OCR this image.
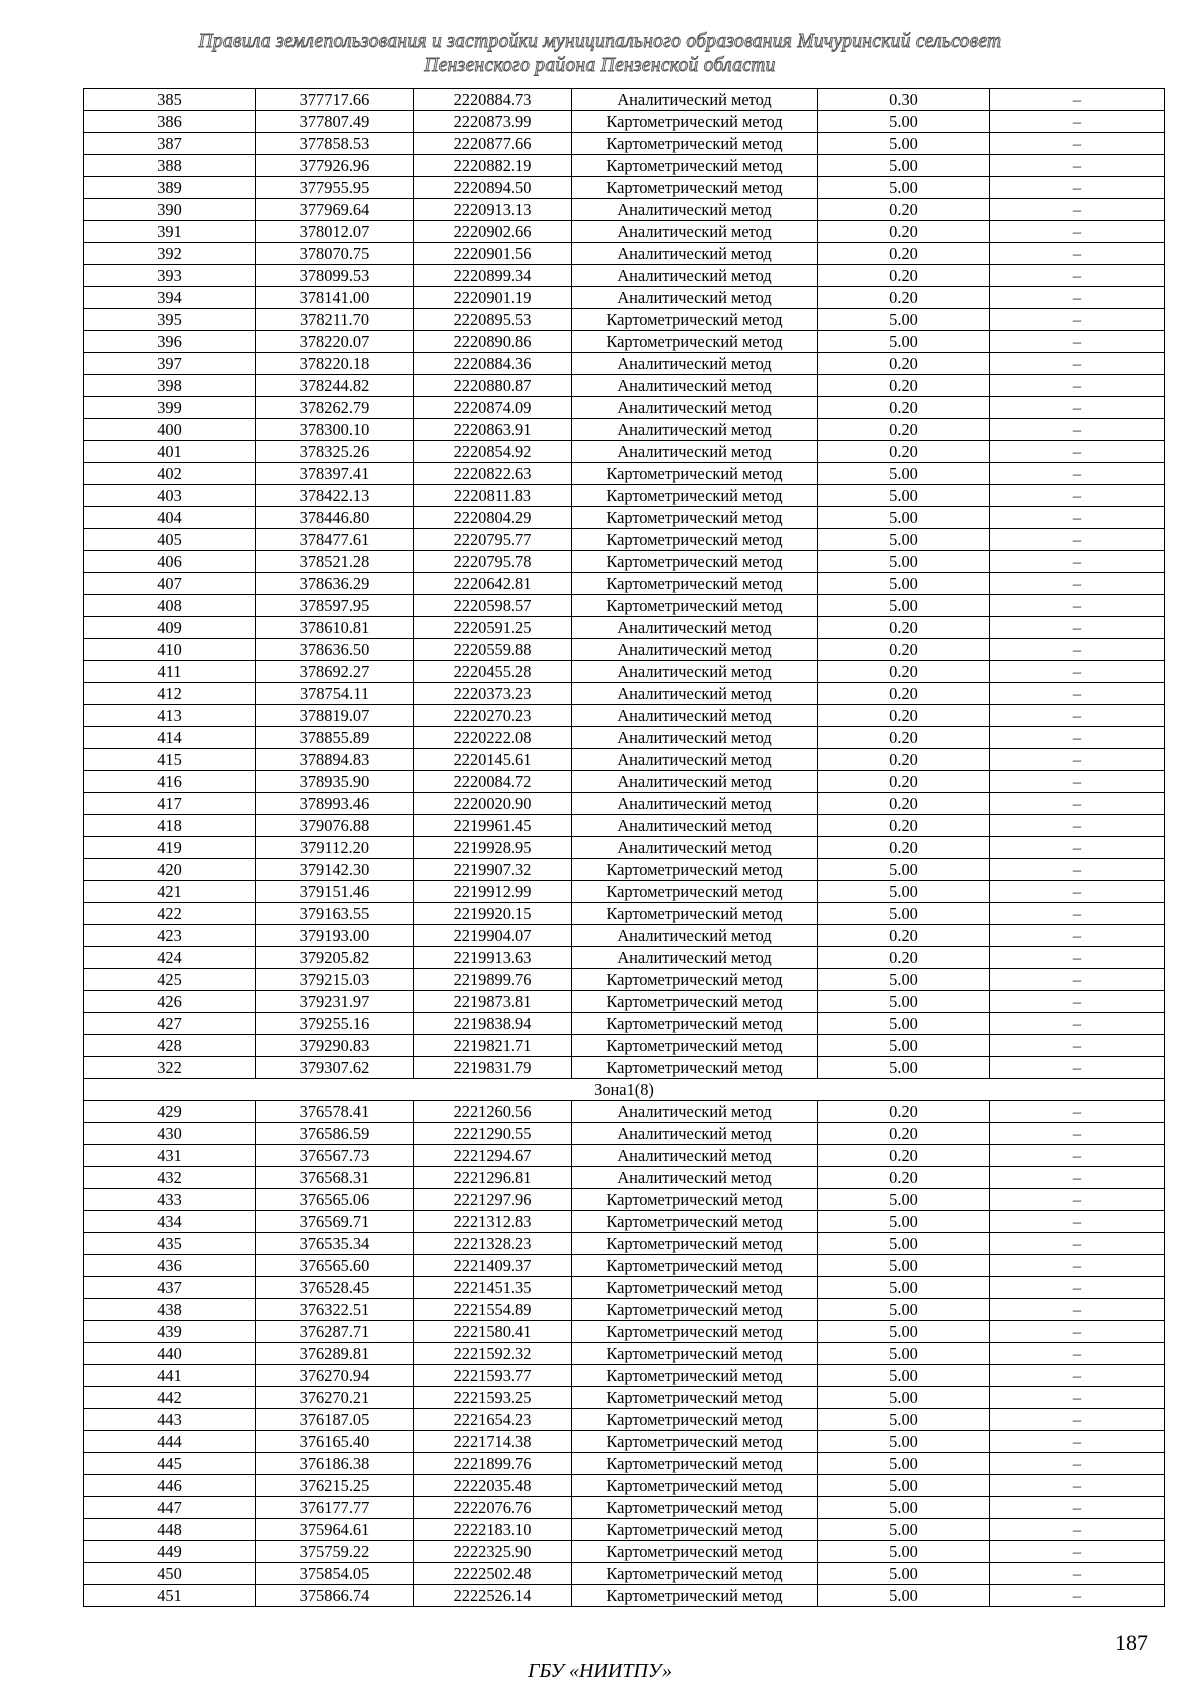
Правила землепользования и застройки муниципального образования Мичуринский сельсовет
Пензенского района Пензенской области
385	377717.66	2220884.73	Аналитический метод	0.30	–
386	377807.49	2220873.99	Картометрический метод	5.00	–
387	377858.53	2220877.66	Картометрический метод	5.00	–
388	377926.96	2220882.19	Картометрический метод	5.00	–
389	377955.95	2220894.50	Картометрический метод	5.00	–
390	377969.64	2220913.13	Аналитический метод	0.20	–
391	378012.07	2220902.66	Аналитический метод	0.20	–
392	378070.75	2220901.56	Аналитический метод	0.20	–
393	378099.53	2220899.34	Аналитический метод	0.20	–
394	378141.00	2220901.19	Аналитический метод	0.20	–
395	378211.70	2220895.53	Картометрический метод	5.00	–
396	378220.07	2220890.86	Картометрический метод	5.00	–
397	378220.18	2220884.36	Аналитический метод	0.20	–
398	378244.82	2220880.87	Аналитический метод	0.20	–
399	378262.79	2220874.09	Аналитический метод	0.20	–
400	378300.10	2220863.91	Аналитический метод	0.20	–
401	378325.26	2220854.92	Аналитический метод	0.20	–
402	378397.41	2220822.63	Картометрический метод	5.00	–
403	378422.13	2220811.83	Картометрический метод	5.00	–
404	378446.80	2220804.29	Картометрический метод	5.00	–
405	378477.61	2220795.77	Картометрический метод	5.00	–
406	378521.28	2220795.78	Картометрический метод	5.00	–
407	378636.29	2220642.81	Картометрический метод	5.00	–
408	378597.95	2220598.57	Картометрический метод	5.00	–
409	378610.81	2220591.25	Аналитический метод	0.20	–
410	378636.50	2220559.88	Аналитический метод	0.20	–
411	378692.27	2220455.28	Аналитический метод	0.20	–
412	378754.11	2220373.23	Аналитический метод	0.20	–
413	378819.07	2220270.23	Аналитический метод	0.20	–
414	378855.89	2220222.08	Аналитический метод	0.20	–
415	378894.83	2220145.61	Аналитический метод	0.20	–
416	378935.90	2220084.72	Аналитический метод	0.20	–
417	378993.46	2220020.90	Аналитический метод	0.20	–
418	379076.88	2219961.45	Аналитический метод	0.20	–
419	379112.20	2219928.95	Аналитический метод	0.20	–
420	379142.30	2219907.32	Картометрический метод	5.00	–
421	379151.46	2219912.99	Картометрический метод	5.00	–
422	379163.55	2219920.15	Картометрический метод	5.00	–
423	379193.00	2219904.07	Аналитический метод	0.20	–
424	379205.82	2219913.63	Аналитический метод	0.20	–
425	379215.03	2219899.76	Картометрический метод	5.00	–
426	379231.97	2219873.81	Картометрический метод	5.00	–
427	379255.16	2219838.94	Картометрический метод	5.00	–
428	379290.83	2219821.71	Картометрический метод	5.00	–
322	379307.62	2219831.79	Картометрический метод	5.00	–
Зона1(8)					
429	376578.41	2221260.56	Аналитический метод	0.20	–
430	376586.59	2221290.55	Аналитический метод	0.20	–
431	376567.73	2221294.67	Аналитический метод	0.20	–
432	376568.31	2221296.81	Аналитический метод	0.20	–
433	376565.06	2221297.96	Картометрический метод	5.00	–
434	376569.71	2221312.83	Картометрический метод	5.00	–
435	376535.34	2221328.23	Картометрический метод	5.00	–
436	376565.60	2221409.37	Картометрический метод	5.00	–
437	376528.45	2221451.35	Картометрический метод	5.00	–
438	376322.51	2221554.89	Картометрический метод	5.00	–
439	376287.71	2221580.41	Картометрический метод	5.00	–
440	376289.81	2221592.32	Картометрический метод	5.00	–
441	376270.94	2221593.77	Картометрический метод	5.00	–
442	376270.21	2221593.25	Картометрический метод	5.00	–
443	376187.05	2221654.23	Картометрический метод	5.00	–
444	376165.40	2221714.38	Картометрический метод	5.00	–
445	376186.38	2221899.76	Картометрический метод	5.00	–
446	376215.25	2222035.48	Картометрический метод	5.00	–
447	376177.77	2222076.76	Картометрический метод	5.00	–
448	375964.61	2222183.10	Картометрический метод	5.00	–
449	375759.22	2222325.90	Картометрический метод	5.00	–
450	375854.05	2222502.48	Картометрический метод	5.00	–
451	375866.74	2222526.14	Картометрический метод	5.00	–
187
ГБУ «НИИТПУ»
